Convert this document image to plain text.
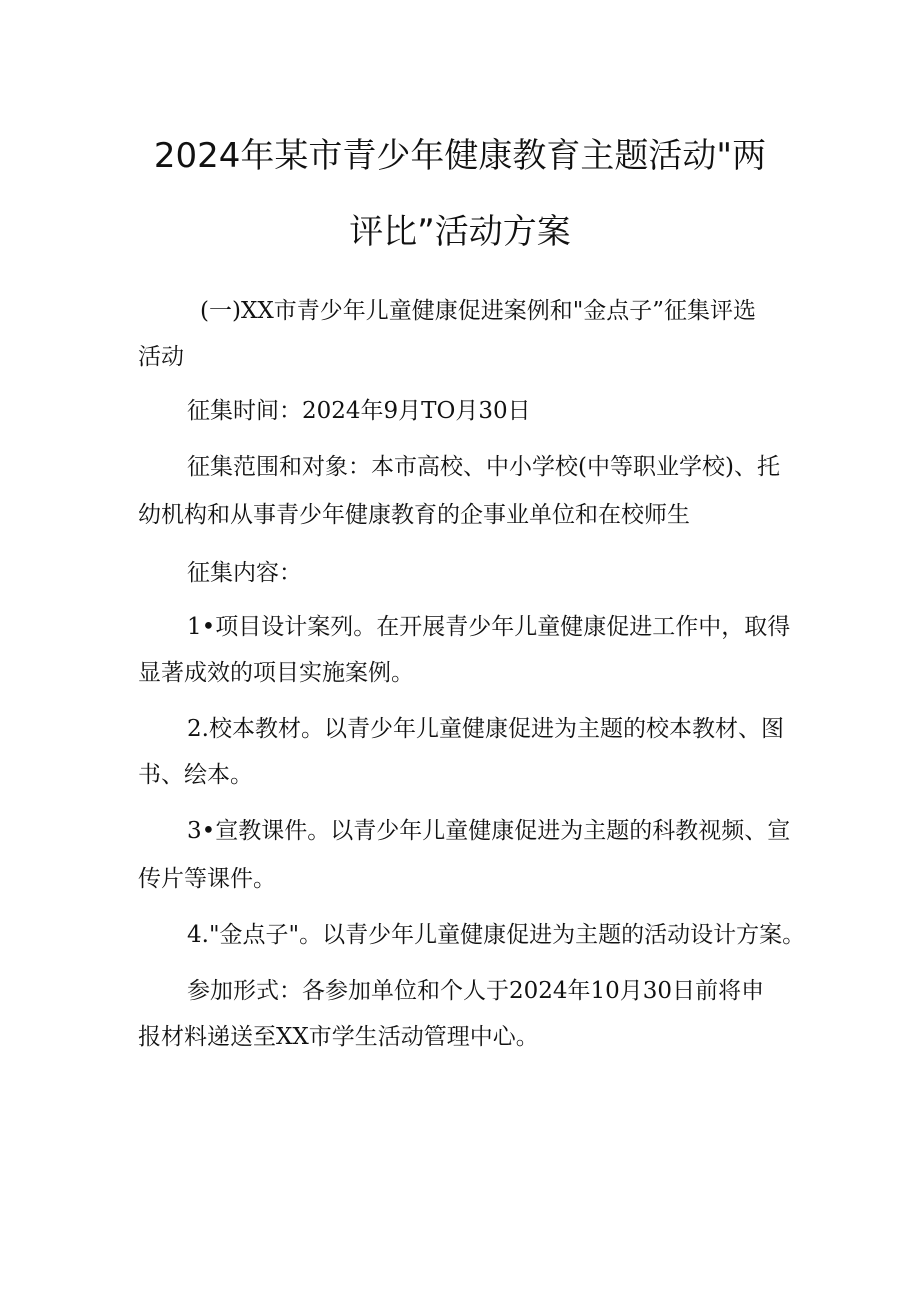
2024年某市青少年健康教育主题活动"两
评比”活动方案

(一)XX市青少年儿童健康促进案例和"金点子”征集评选

活动

征集时间：2024年9月TO月30日

征集范围和对象：本市高校、中小学校(中等职业学校)、托

幼机构和从事青少年健康教育的企事业单位和在校师生

征集内容：

1•项目设计案列。在开展青少年儿童健康促进工作中，取得

显著成效的项目实施案例。

2.校本教材。以青少年儿童健康促进为主题的校本教材、图

书、绘本。

3•宣教课件。以青少年儿童健康促进为主题的科教视频、宣

传片等课件。

4."金点子"。以青少年儿童健康促进为主题的活动设计方案。

参加形式：各参加单位和个人于2024年10月30日前将申

报材料递送至XX市学生活动管理中心。
